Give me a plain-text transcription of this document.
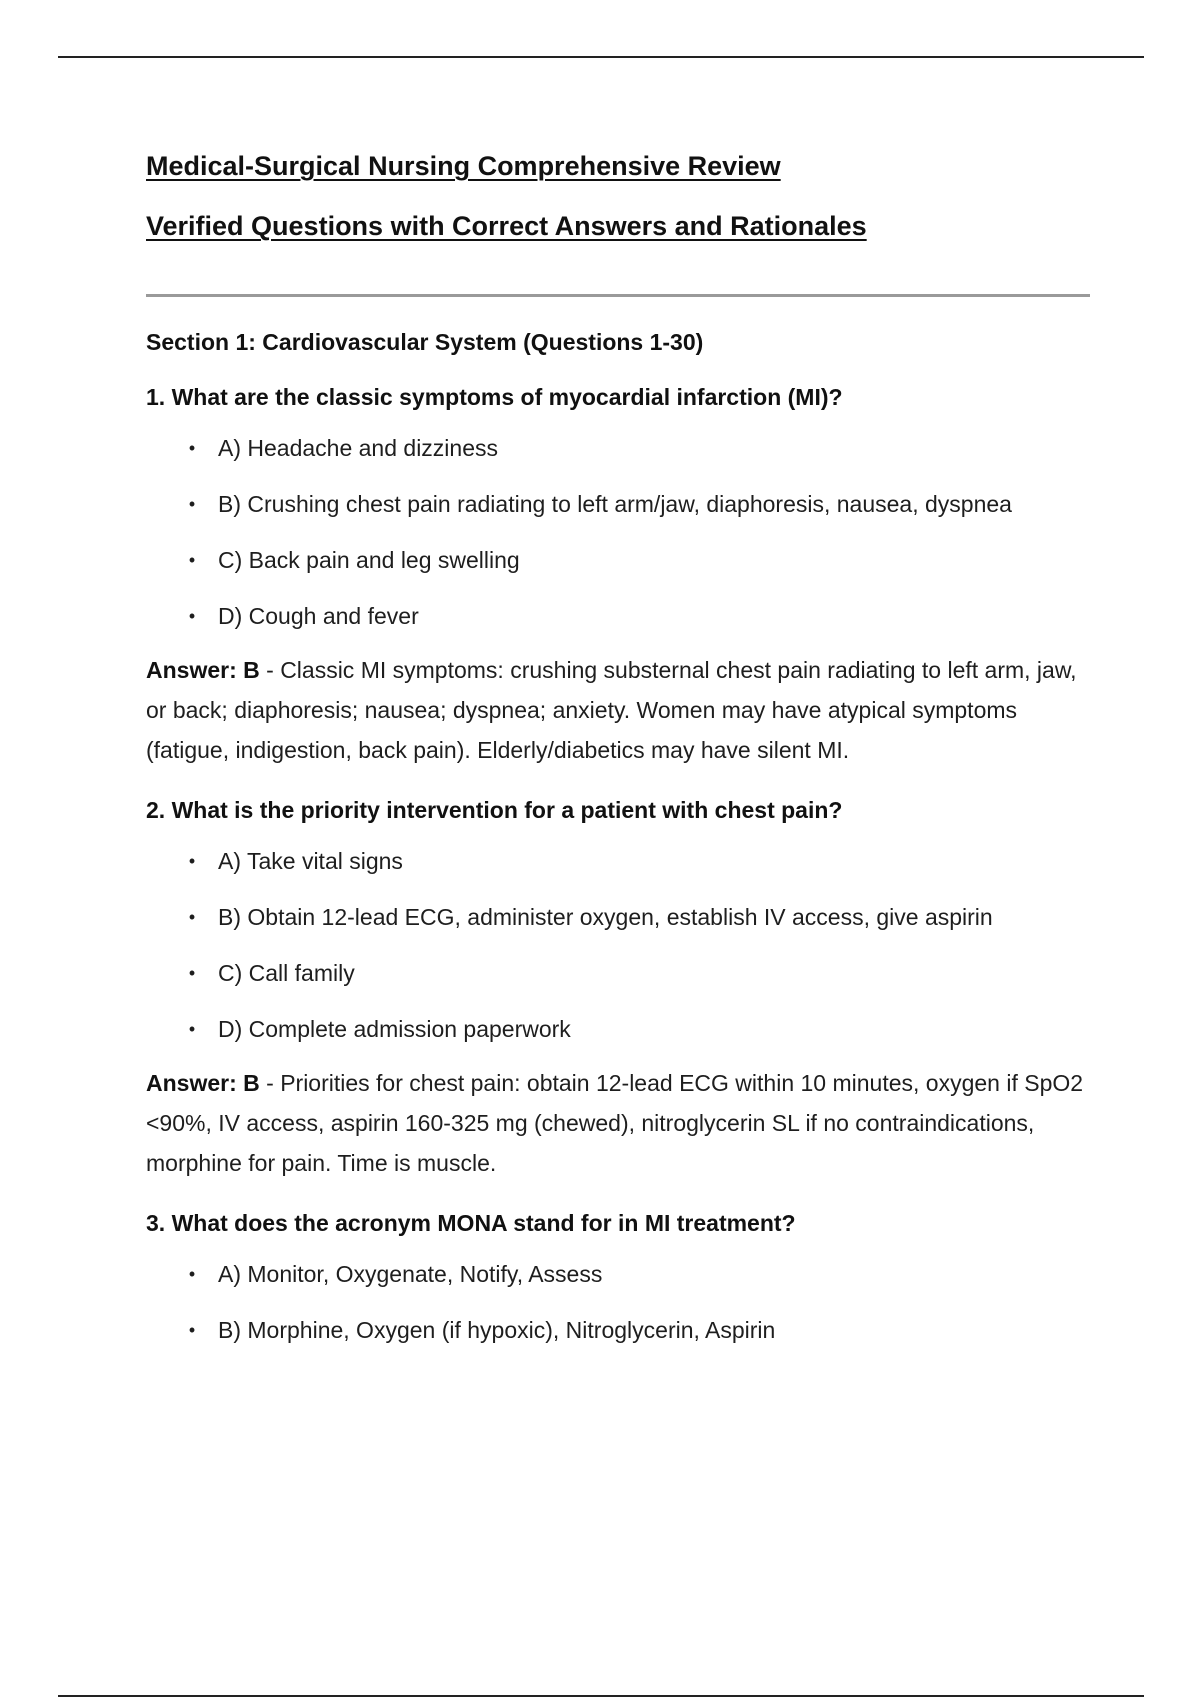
Medical-Surgical Nursing Comprehensive Review
Verified Questions with Correct Answers and Rationales
Section 1: Cardiovascular System (Questions 1-30)
1. What are the classic symptoms of myocardial infarction (MI)?
• A) Headache and dizziness
• B) Crushing chest pain radiating to left arm/jaw, diaphoresis, nausea, dyspnea
• C) Back pain and leg swelling
• D) Cough and fever
Answer: B - Classic MI symptoms: crushing substernal chest pain radiating to left arm, jaw, or back; diaphoresis; nausea; dyspnea; anxiety. Women may have atypical symptoms (fatigue, indigestion, back pain). Elderly/diabetics may have silent MI.
2. What is the priority intervention for a patient with chest pain?
• A) Take vital signs
• B) Obtain 12-lead ECG, administer oxygen, establish IV access, give aspirin
• C) Call family
• D) Complete admission paperwork
Answer: B - Priorities for chest pain: obtain 12-lead ECG within 10 minutes, oxygen if SpO2 <90%, IV access, aspirin 160-325 mg (chewed), nitroglycerin SL if no contraindications, morphine for pain. Time is muscle.
3. What does the acronym MONA stand for in MI treatment?
• A) Monitor, Oxygenate, Notify, Assess
• B) Morphine, Oxygen (if hypoxic), Nitroglycerin, Aspirin
